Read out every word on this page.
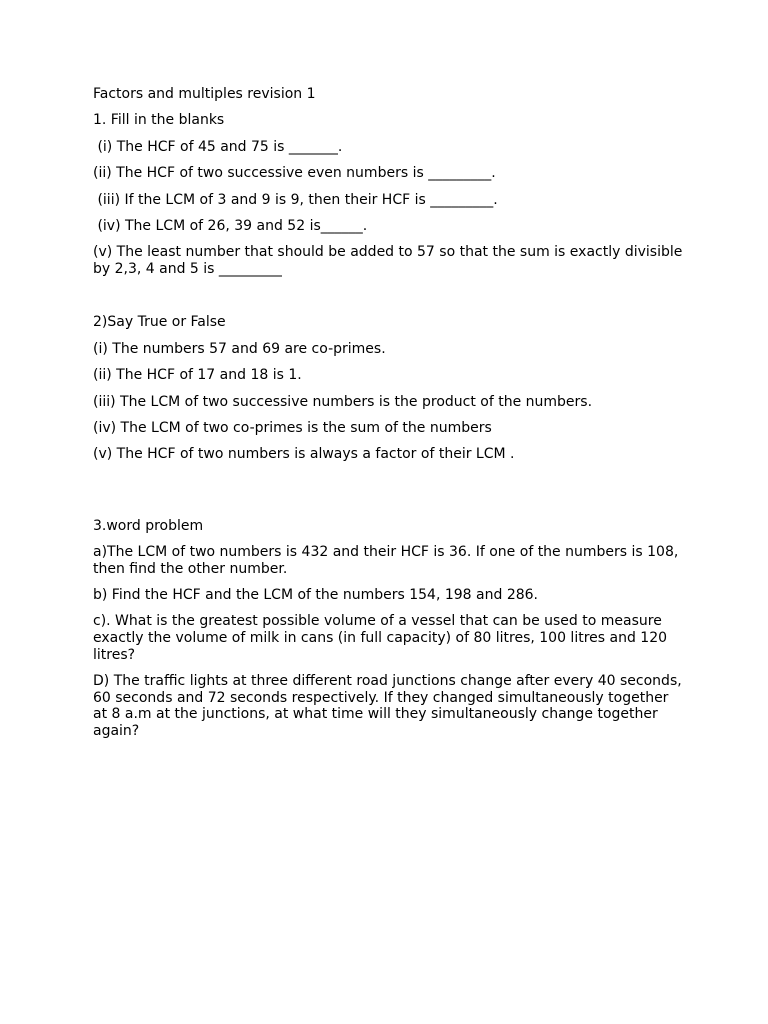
Factors and multiples revision 1

1. Fill in the blanks

(i) The HCF of 45 and 75 is _______.

(ii) The HCF of two successive even numbers is _________.

(iii) If the LCM of 3 and 9 is 9, then their HCF is _________.

(iv) The LCM of 26, 39 and 52 is______.

(v) The least number that should be added to 57 so that the sum is exactly divisible by 2,3, 4 and 5 is _________

2)Say True or False

(i) The numbers 57 and 69 are co-primes.

(ii) The HCF of 17 and 18 is 1.

(iii) The LCM of two successive numbers is the product of the numbers.

(iv) The LCM of two co-primes is the sum of the numbers

(v) The HCF of two numbers is always a factor of their LCM .

3.word problem

a)The LCM of two numbers is 432 and their HCF is 36. If one of the numbers is 108, then find the other number.

b) Find the HCF and the LCM of the numbers 154, 198 and 286.

c). What is the greatest possible volume of a vessel that can be used to measure exactly the volume of milk in cans (in full capacity) of 80 litres, 100 litres and 120 litres?

D) The traffic lights at three different road junctions change after every 40 seconds, 60 seconds and 72 seconds respectively. If they changed simultaneously together at 8 a.m at the junctions, at what time will they simultaneously change together again?
